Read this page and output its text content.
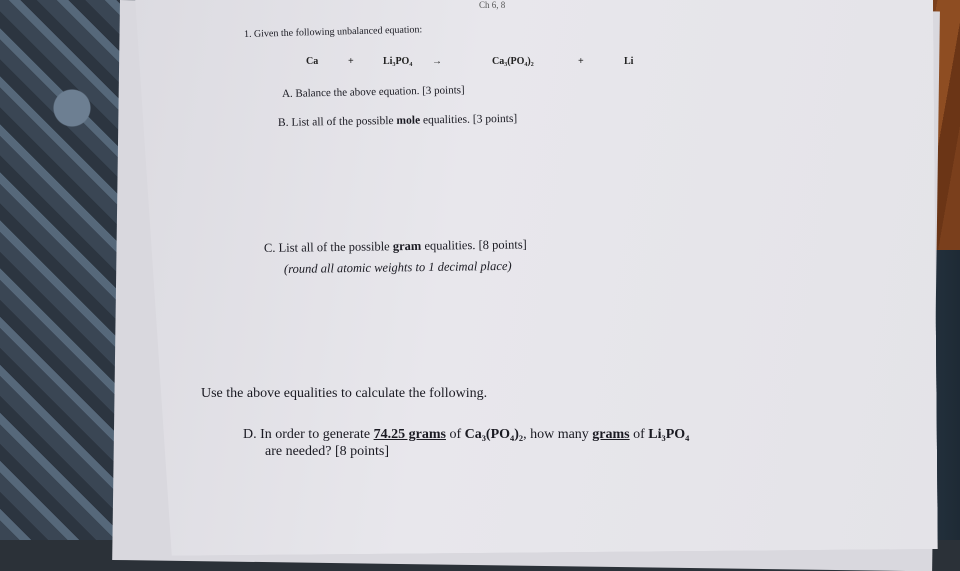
Ch 6, 8
1. Given the following unbalanced equation:
Ca	+	Li₃PO₄ →	Ca₃(PO₄)₂	+	Li
A. Balance the above equation. [3 points]
B. List all of the possible mole equalities. [3 points]
C. List all of the possible gram equalities. [8 points]
(round all atomic weights to 1 decimal place)
Use the above equalities to calculate the following.
D. In order to generate 74.25 grams of Ca₃(PO₄)₂, how many grams of Li₃PO₄
are needed? [8 points]
